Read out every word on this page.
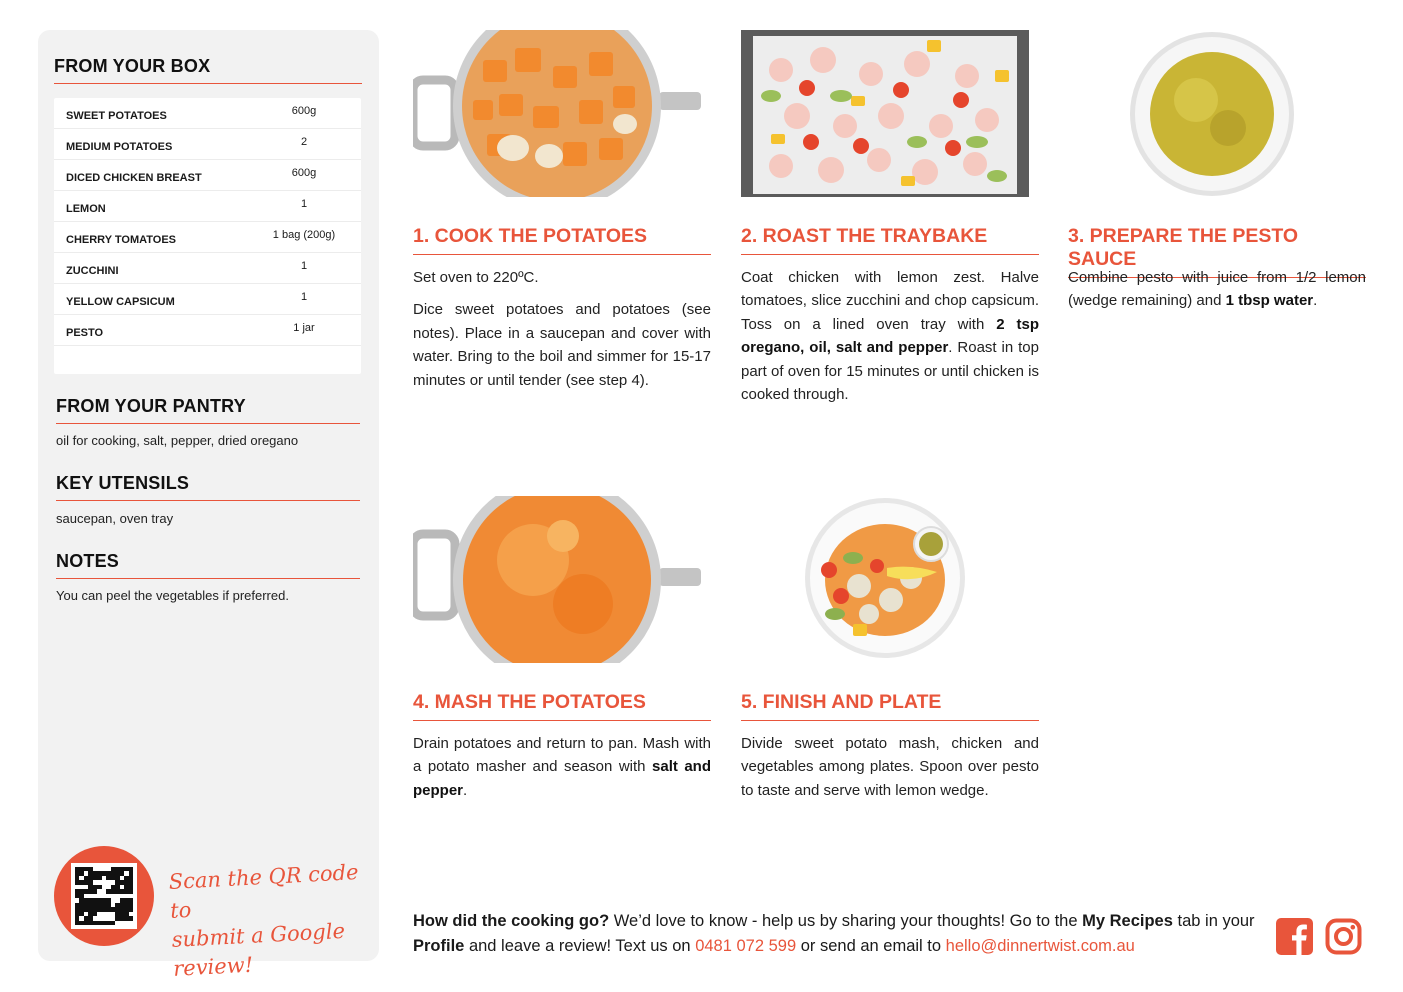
FROM YOUR BOX
SWEET POTATOES	600g
MEDIUM POTATOES	2
DICED CHICKEN BREAST	600g
LEMON	1
CHERRY TOMATOES	1 bag (200g)
ZUCCHINI	1
YELLOW CAPSICUM	1
PESTO	1 jar
FROM YOUR PANTRY
oil for cooking, salt, pepper, dried oregano
KEY UTENSILS
saucepan, oven tray
NOTES
You can peel the vegetables if preferred.
Scan the QR code to
submit a Google review!
1. COOK THE POTATOES

Set oven to 220ºC.

Dice sweet potatoes and potatoes (see notes). Place in a saucepan and cover with water. Bring to the boil and simmer for 15-17 minutes or until tender (see step 4).

2. ROAST THE TRAYBAKE

Coat chicken with lemon zest. Halve tomatoes, slice zucchini and chop capsicum. Toss on a lined oven tray with 2 tsp oregano, oil, salt and pepper. Roast in top part of oven for 15 minutes or until chicken is cooked through.

3. PREPARE THE PESTO SAUCE

Combine pesto with juice from 1/2 lemon (wedge remaining) and 1 tbsp water.

4. MASH THE POTATOES

Drain potatoes and return to pan. Mash with a potato masher and season with salt and pepper.

5. FINISH AND PLATE

Divide sweet potato mash, chicken and vegetables among plates. Spoon over pesto to taste and serve with lemon wedge.

How did the cooking go? We’d love to know - help us by sharing your thoughts! Go to the My Recipes tab in your Profile and leave a review! Text us on 0481 072 599 or send an email to hello@dinnertwist.com.au
